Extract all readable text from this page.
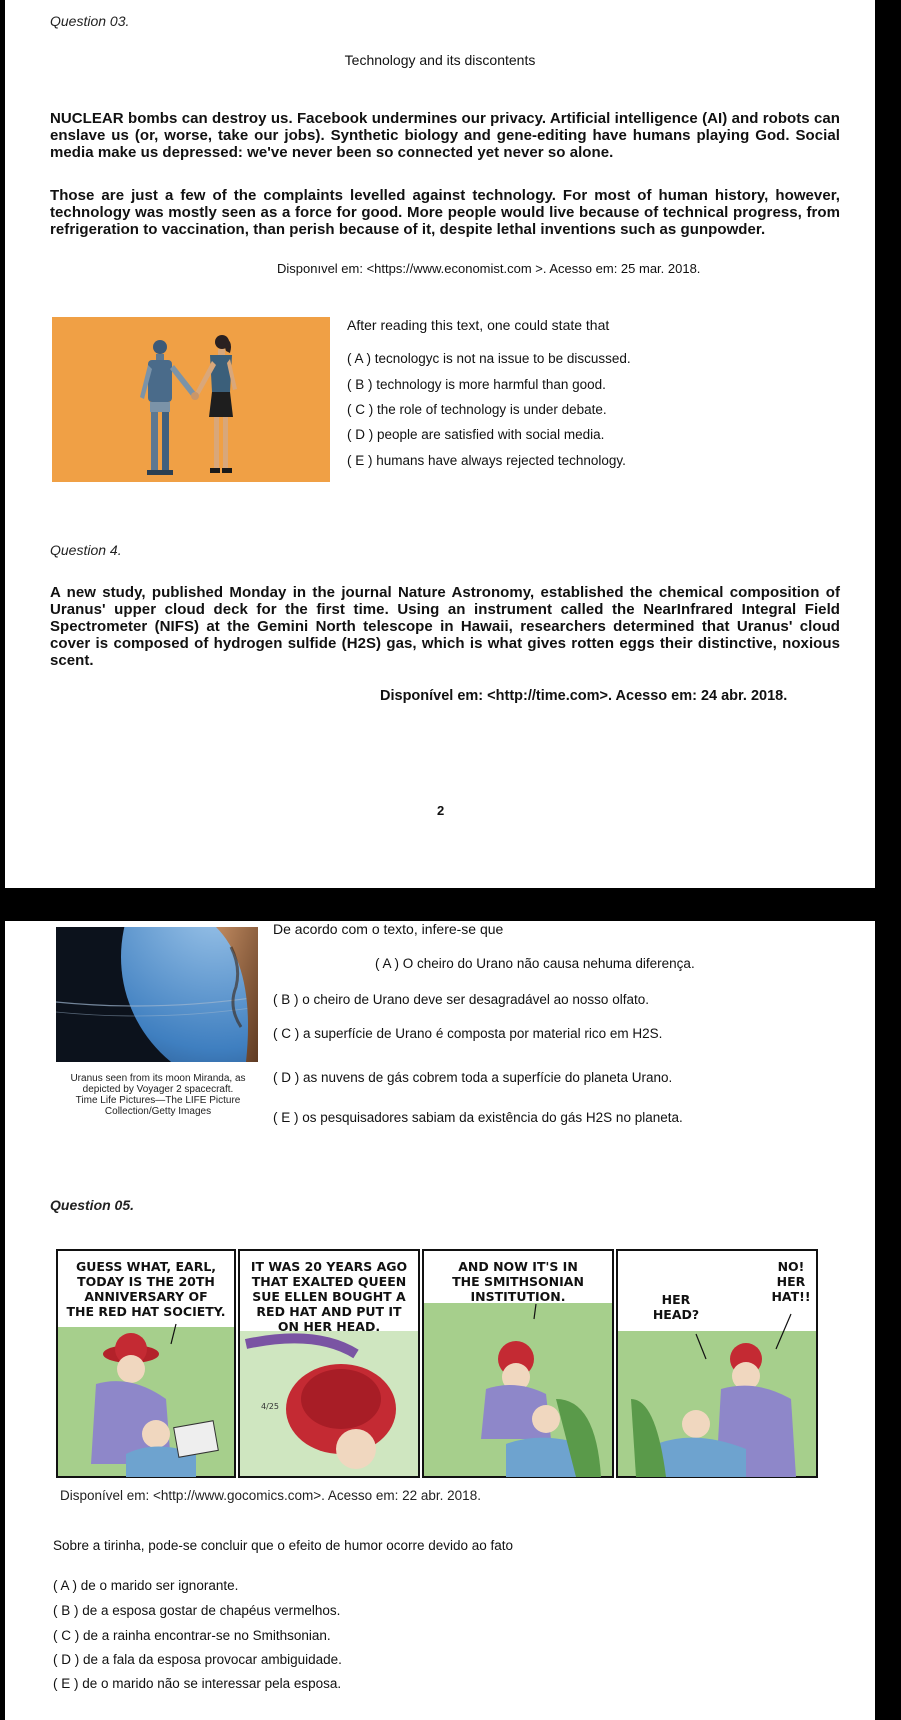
Question 03.
Technology and its discontents
NUCLEAR bombs can destroy us. Facebook undermines our privacy. Artificial intelligence (AI) and robots can enslave us (or, worse, take our jobs). Synthetic biology and gene-editing have humans playing God. Social media make us depressed: we've never been so connected yet never so alone.
Those are just a few of the complaints levelled against technology. For most of human history, however, technology was mostly seen as a force for good. More people would live because of technical progress, from refrigeration to vaccination, than perish because of it, despite lethal inventions such as gunpowder.
Disponıvel em: <https://www.economist.com >. Acesso em: 25 mar. 2018.
After reading this text, one could state that
( A ) tecnologyc is not na issue to be discussed.
( B ) technology is more harmful than good.
( C ) the role of technology is under debate.
( D ) people are satisfied with social media.
( E ) humans have always rejected technology.
Question 4.
A new study, published Monday in the journal Nature Astronomy, established the chemical composition of Uranus' upper cloud deck for the first time. Using an instrument called the NearInfrared Integral Field Spectrometer (NIFS) at the Gemini North telescope in Hawaii, researchers determined that Uranus' cloud cover is composed of hydrogen sulfide (H2S) gas, which is what gives rotten eggs their distinctive, noxious scent.
Disponível em: <http://time.com>. Acesso em: 24 abr. 2018.
2
Uranus seen from its moon Miranda, as
depicted by Voyager 2 spacecraft.
Time Life Pictures—The LIFE Picture
Collection/Getty Images
De acordo com o texto, infere-se que
( A ) O cheiro do Urano não causa nehuma diferença.
( B ) o cheiro de Urano deve ser desagradável ao nosso olfato.
( C ) a superfície de Urano é composta por material rico em H2S.
( D ) as nuvens de gás cobrem toda a superfície do planeta Urano.
( E ) os pesquisadores sabiam da existência do gás H2S no planeta.
Question 05.
GUESS WHAT, EARL,
TODAY IS THE 20TH
ANNIVERSARY OF
THE RED HAT SOCIETY.
IT WAS 20 YEARS AGO
THAT EXALTED QUEEN
SUE ELLEN BOUGHT A
RED HAT AND PUT IT
ON HER HEAD.
AND NOW IT'S IN
THE SMITHSONIAN
INSTITUTION.	HER
HEAD?
NO!
HER
HAT!!
4/25
Disponível em: <http://www.gocomics.com>. Acesso em: 22 abr. 2018.
Sobre a tirinha, pode-se concluir que o efeito de humor ocorre devido ao fato
( A ) de o marido ser ignorante.
( B ) de a esposa gostar de chapéus vermelhos.
( C ) de a rainha encontrar-se no Smithsonian.
( D ) de a fala da esposa provocar ambiguidade.
( E ) de o marido não se interessar pela esposa.
